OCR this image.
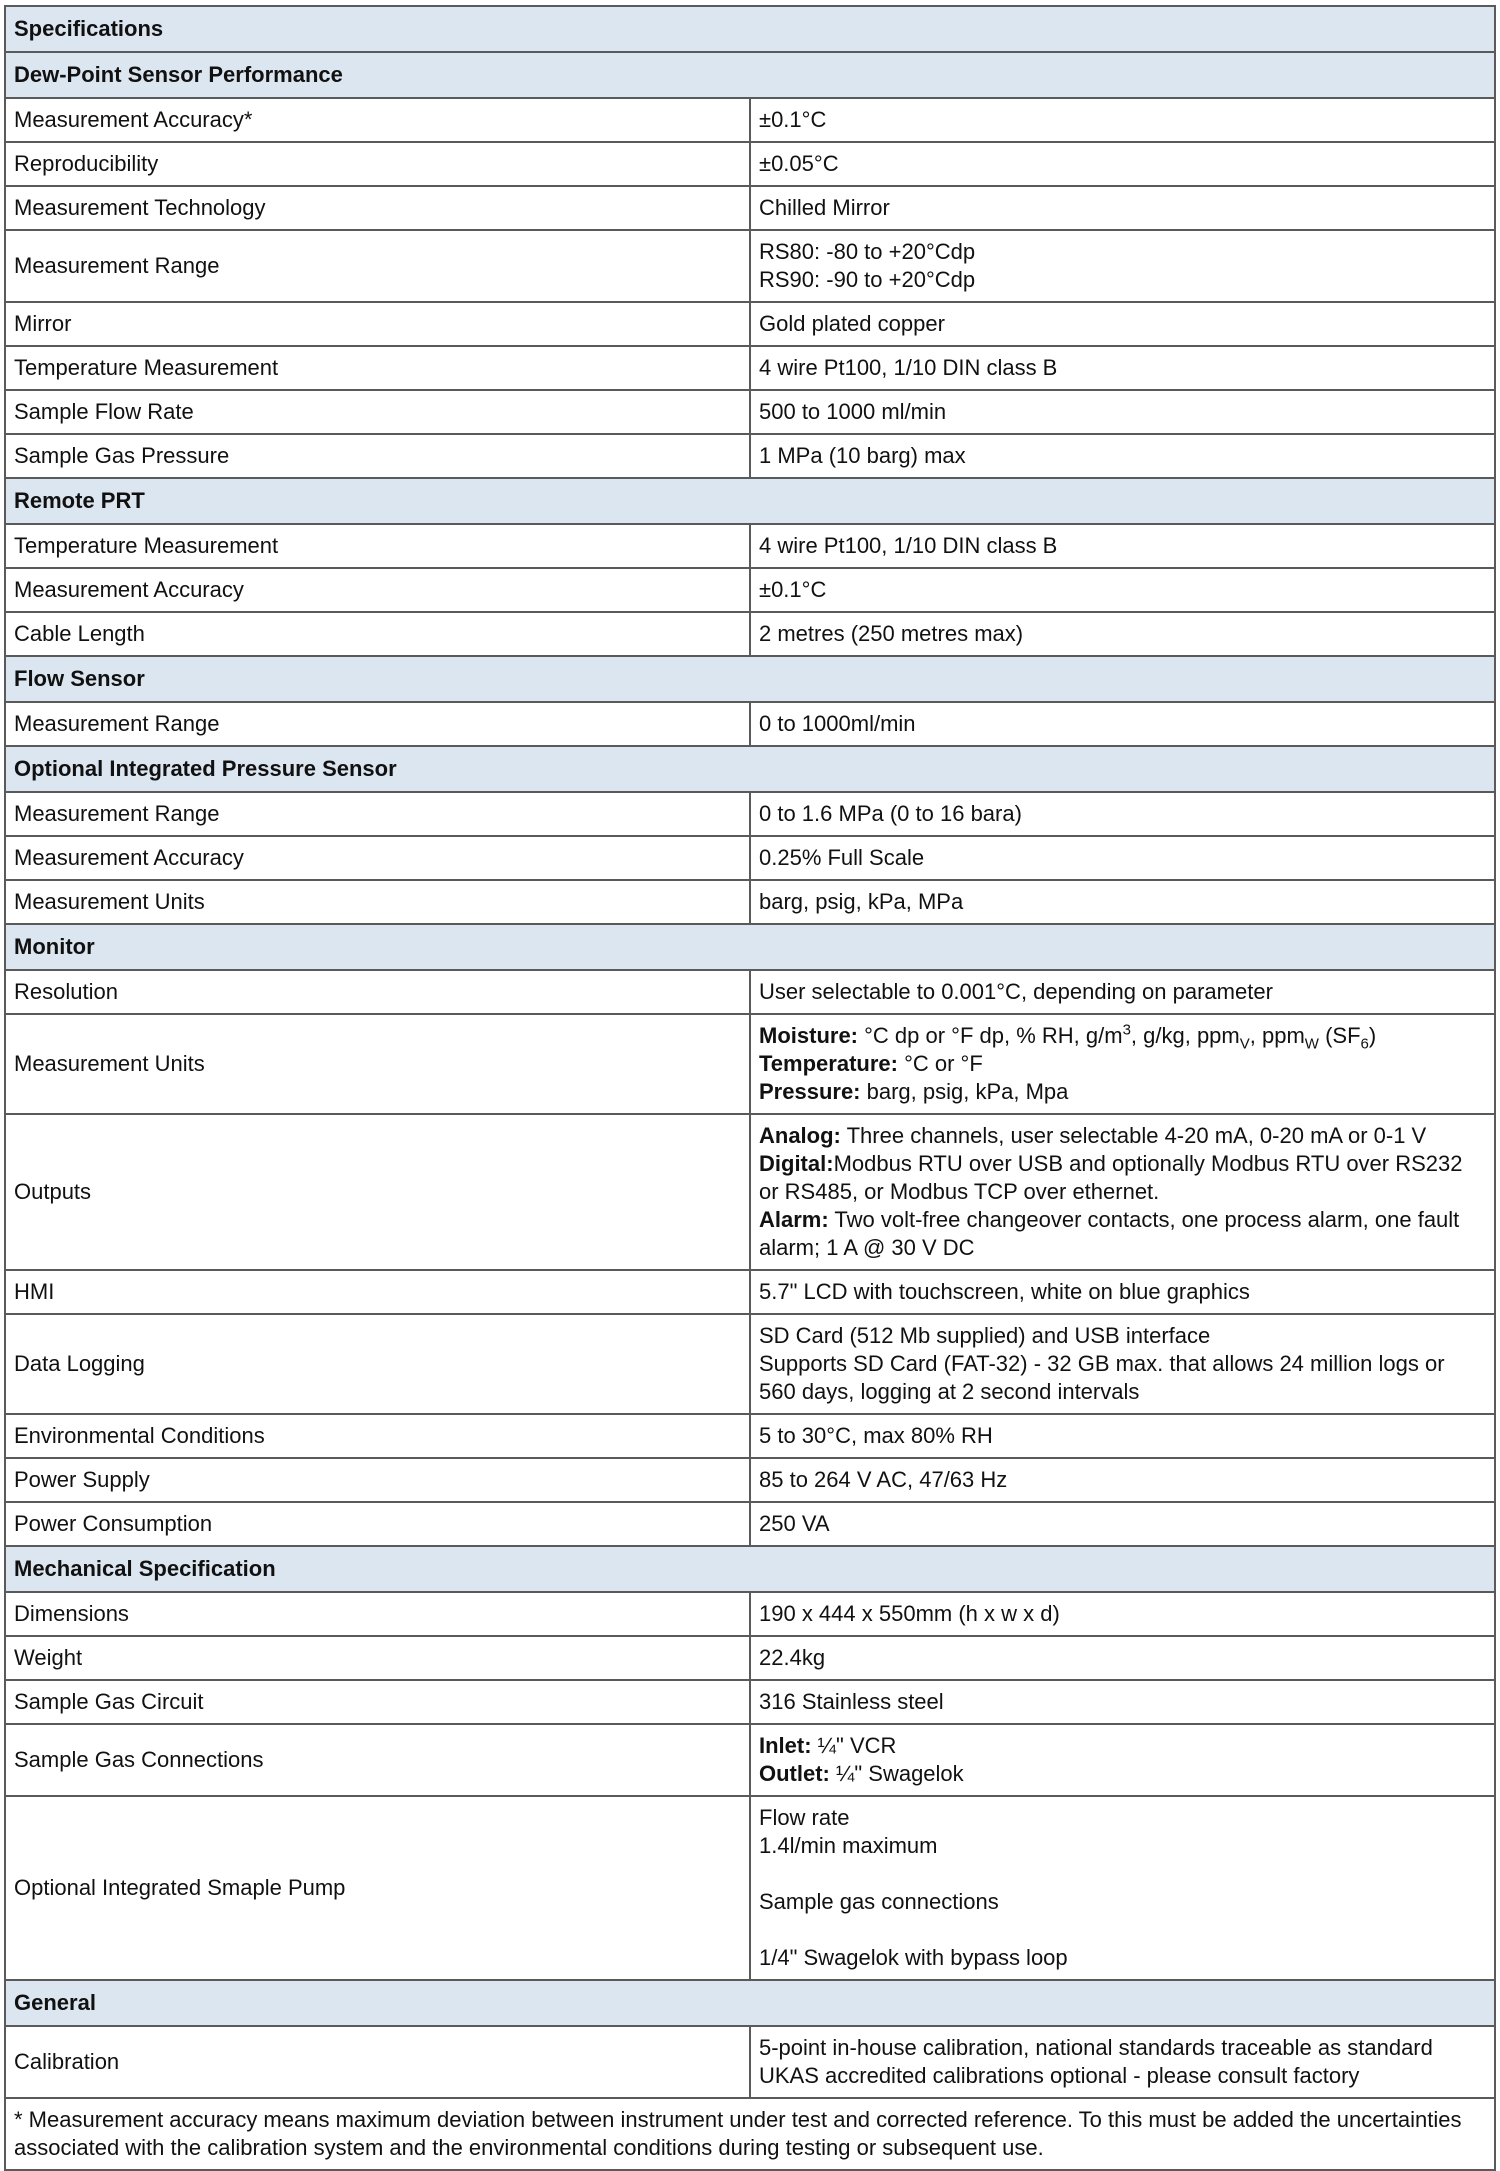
Specifications	
Dew-Point Sensor Performance	
Measurement Accuracy*	±0.1°C
Reproducibility	±0.05°C
Measurement Technology	Chilled Mirror
Measurement Range	RS80: -80 to +20°Cdp
RS90: -90 to +20°Cdp

Mirror	Gold plated copper
Temperature Measurement	4 wire Pt100, 1/10 DIN class B
Sample Flow Rate	500 to 1000 ml/min
Sample Gas Pressure	1 MPa (10 barg) max
Remote PRT	
Temperature Measurement	4 wire Pt100, 1/10 DIN class B
Measurement Accuracy	±0.1°C
Cable Length	2 metres (250 metres max)
Flow Sensor	
Measurement Range	0 to 1000ml/min
Optional Integrated Pressure Sensor	
Measurement Range	0 to 1.6 MPa (0 to 16 bara)
Measurement Accuracy	0.25% Full Scale
Measurement Units	barg, psig, kPa, MPa
Monitor	
Resolution	User selectable to 0.001°C, depending on parameter
Measurement Units	Moisture: °C dp or °F dp, % RH, $g/m^3$, g/kg, ppm$_V$, ppm$_W$ $(SF_6)$
Temperature: °C or °F
Pressure: barg, psig, kPa, Mpa

Outputs	Analog: Three channels, user selectable 4-20 mA, 0-20 mA or 0-1 V
Digital:Modbus RTU over USB and optionally Modbus RTU over RS232 or RS485, or Modbus TCP over ethernet.
Alarm: Two volt-free changeover contacts, one process alarm, one fault alarm; 1 A @ 30 V DC

HMI	5.7" LCD with touchscreen, white on blue graphics
Data Logging	SD Card (512 Mb supplied) and USB interface
Supports SD Card (FAT-32) - 32 GB max. that allows 24 million logs or 560 days, logging at 2 second intervals

Environmental Conditions	5 to 30°C, max 80% RH
Power Supply	85 to 264 V AC, 47/63 Hz
Power Consumption	250 VA
Mechanical Specification	
Dimensions	190 x 444 x 550mm (h x w x d)
Weight	22.4kg
Sample Gas Circuit	316 Stainless steel
Sample Gas Connections	Inlet: ¼" VCR
Outlet: ¼" Swagelok

Optional Integrated Smaple Pump	Flow rate
1.4l/min maximum
Sample gas connections
1/4" Swagelok with bypass loop

General	
Calibration	5-point in-house calibration, national standards traceable as standard
UKAS accredited calibrations optional - please consult factory

* Measurement accuracy means maximum deviation between instrument under test and corrected reference. To this must be added the uncertainties associated with the calibration system and the environmental conditions during testing or subsequent use.	
